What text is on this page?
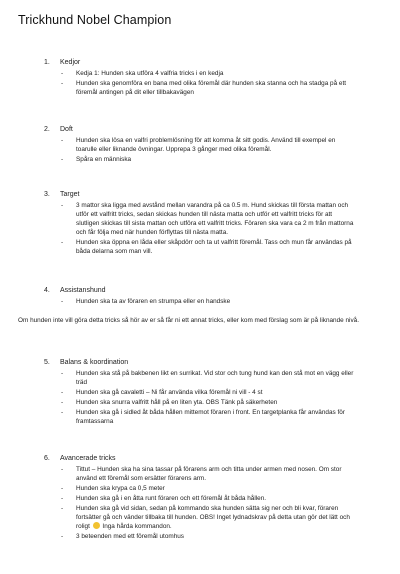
Trickhund Nobel Champion
1. Kedjor
- Kedja 1: Hunden ska utföra 4 valfria tricks i en kedja
- Hunden ska genomföra en bana med olika föremål där hunden ska stanna och ha stadga på ett föremål antingen på dit eller tillbakavägen
2. Doft
- Hunden ska lösa en valfri problemlösning för att komma åt sitt godis. Använd till exempel en toarulle eller liknande övningar. Upprepa 3 gånger med olika föremål.
- Spåra en människa
3. Target
- 3 mattor ska ligga med avstånd mellan varandra på ca 0.5 m. Hund skickas till första mattan och utför ett valfritt tricks, sedan skickas hunden till nästa matta och utför ett valfritt tricks för att slutligen skickas till sista mattan och utföra ett valfritt tricks. Föraren ska vara ca 2 m från mattorna och får följa med när hunden förflyttas till nästa matta.
- Hunden ska öppna en låda eller skåpdörr och ta ut valfritt föremål. Tass och mun får användas på båda delarna som man vill.
4. Assistanshund
- Hunden ska ta av föraren en strumpa eller en handske
Om hunden inte vill göra detta tricks så hör av er så får ni ett annat tricks, eller kom med förslag som är på liknande nivå.
5. Balans & koordination
- Hunden ska stå på bakbenen likt en surrikat. Vid stor och tung hund kan den stå mot en vägg eller träd
- Hunden ska gå cavaletti – Ni får använda vilka föremål ni vill - 4 st
- Hunden ska snurra valfritt håll på en liten yta. OBS Tänk på säkerheten
- Hunden ska gå i sidled åt båda hållen mittemot föraren i front. En targetplanka får användas för framtassarna
6. Avancerade tricks
- Tittut – Hunden ska ha sina tassar på förarens arm och titta under armen med nosen. Om stor använd ett föremål som ersätter förarens arm.
- Hunden ska krypa ca 0,5 meter
- Hunden ska gå i en åtta runt föraren och ett föremål åt båda hållen.
- Hunden ska gå vid sidan, sedan på kommando ska hunden sätta sig ner och bli kvar, föraren fortsätter gå och vänder tillbaka till hunden. OBS! Inget lydnadskrav på detta utan gör det lätt och roligt Inga hårda kommandon.
- 3 beteenden med ett föremål utomhus
